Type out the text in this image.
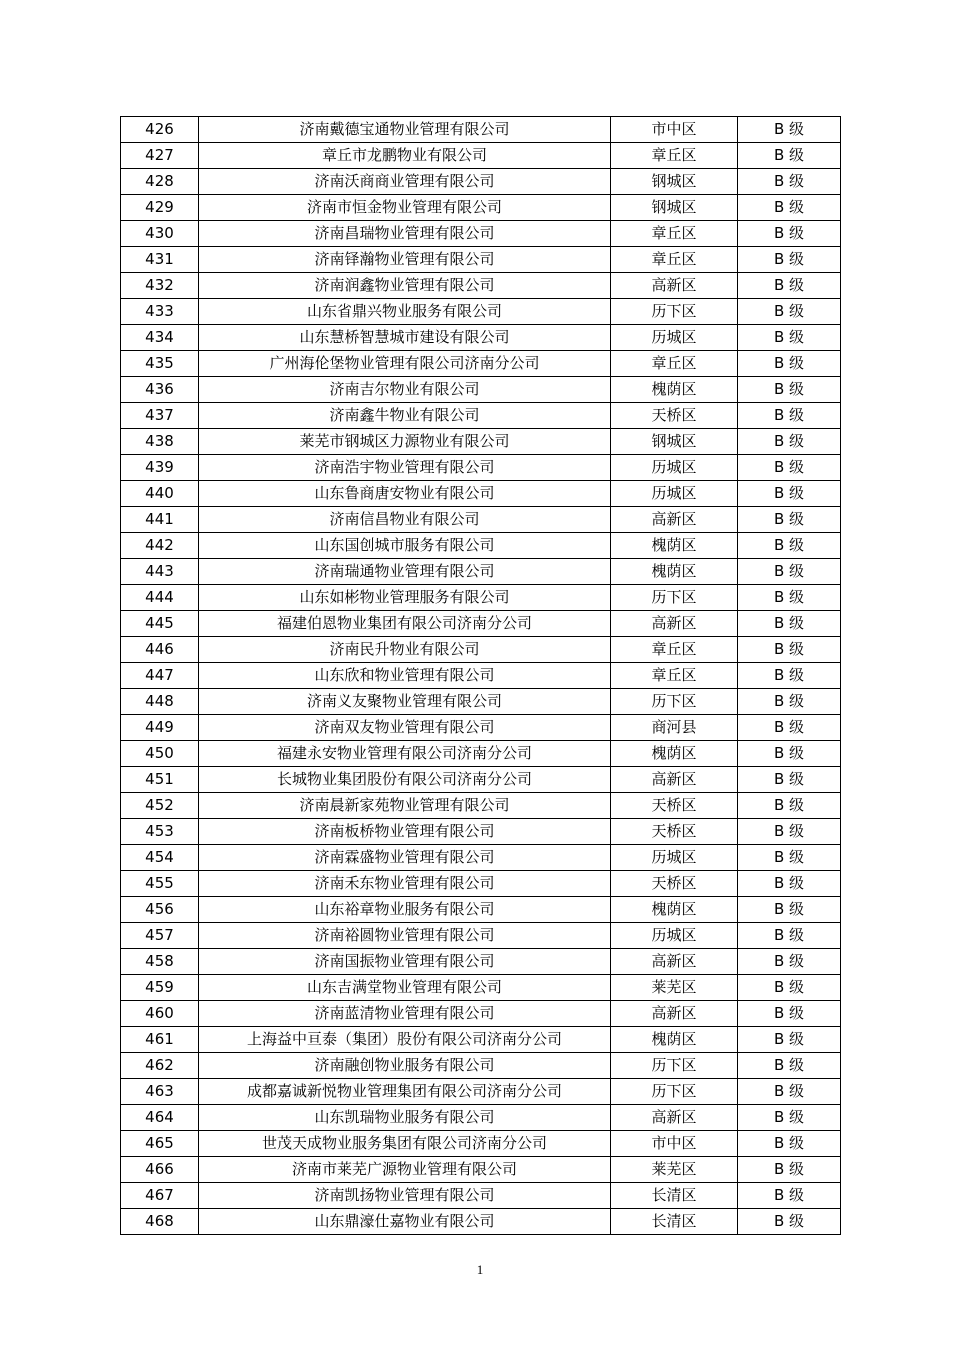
426	济南戴德宝通物业管理有限公司	市中区	B 级
427	章丘市龙鹏物业有限公司	章丘区	B 级
428	济南沃商商业管理有限公司	钢城区	B 级
429	济南市恒金物业管理有限公司	钢城区	B 级
430	济南昌瑞物业管理有限公司	章丘区	B 级
431	济南铎瀚物业管理有限公司	章丘区	B 级
432	济南润鑫物业管理有限公司	高新区	B 级
433	山东省鼎兴物业服务有限公司	历下区	B 级
434	山东慧桥智慧城市建设有限公司	历城区	B 级
435	广州海伦堡物业管理有限公司济南分公司	章丘区	B 级
436	济南吉尔物业有限公司	槐荫区	B 级
437	济南鑫牛物业有限公司	天桥区	B 级
438	莱芜市钢城区力源物业有限公司	钢城区	B 级
439	济南浩宇物业管理有限公司	历城区	B 级
440	山东鲁商唐安物业有限公司	历城区	B 级
441	济南信昌物业有限公司	高新区	B 级
442	山东国创城市服务有限公司	槐荫区	B 级
443	济南瑞通物业管理有限公司	槐荫区	B 级
444	山东如彬物业管理服务有限公司	历下区	B 级
445	福建伯恩物业集团有限公司济南分公司	高新区	B 级
446	济南民升物业有限公司	章丘区	B 级
447	山东欣和物业管理有限公司	章丘区	B 级
448	济南义友聚物业管理有限公司	历下区	B 级
449	济南双友物业管理有限公司	商河县	B 级
450	福建永安物业管理有限公司济南分公司	槐荫区	B 级
451	长城物业集团股份有限公司济南分公司	高新区	B 级
452	济南晨新家苑物业管理有限公司	天桥区	B 级
453	济南板桥物业管理有限公司	天桥区	B 级
454	济南霖盛物业管理有限公司	历城区	B 级
455	济南禾东物业管理有限公司	天桥区	B 级
456	山东裕章物业服务有限公司	槐荫区	B 级
457	济南裕圆物业管理有限公司	历城区	B 级
458	济南国振物业管理有限公司	高新区	B 级
459	山东吉满堂物业管理有限公司	莱芜区	B 级
460	济南蓝清物业管理有限公司	高新区	B 级
461	上海益中亘泰（集团）股份有限公司济南分公司	槐荫区	B 级
462	济南融创物业服务有限公司	历下区	B 级
463	成都嘉诚新悦物业管理集团有限公司济南分公司	历下区	B 级
464	山东凯瑞物业服务有限公司	高新区	B 级
465	世茂天成物业服务集团有限公司济南分公司	市中区	B 级
466	济南市莱芜广源物业管理有限公司	莱芜区	B 级
467	济南凯扬物业管理有限公司	长清区	B 级
468	山东鼎濠仕嘉物业有限公司	长清区	B 级
1
